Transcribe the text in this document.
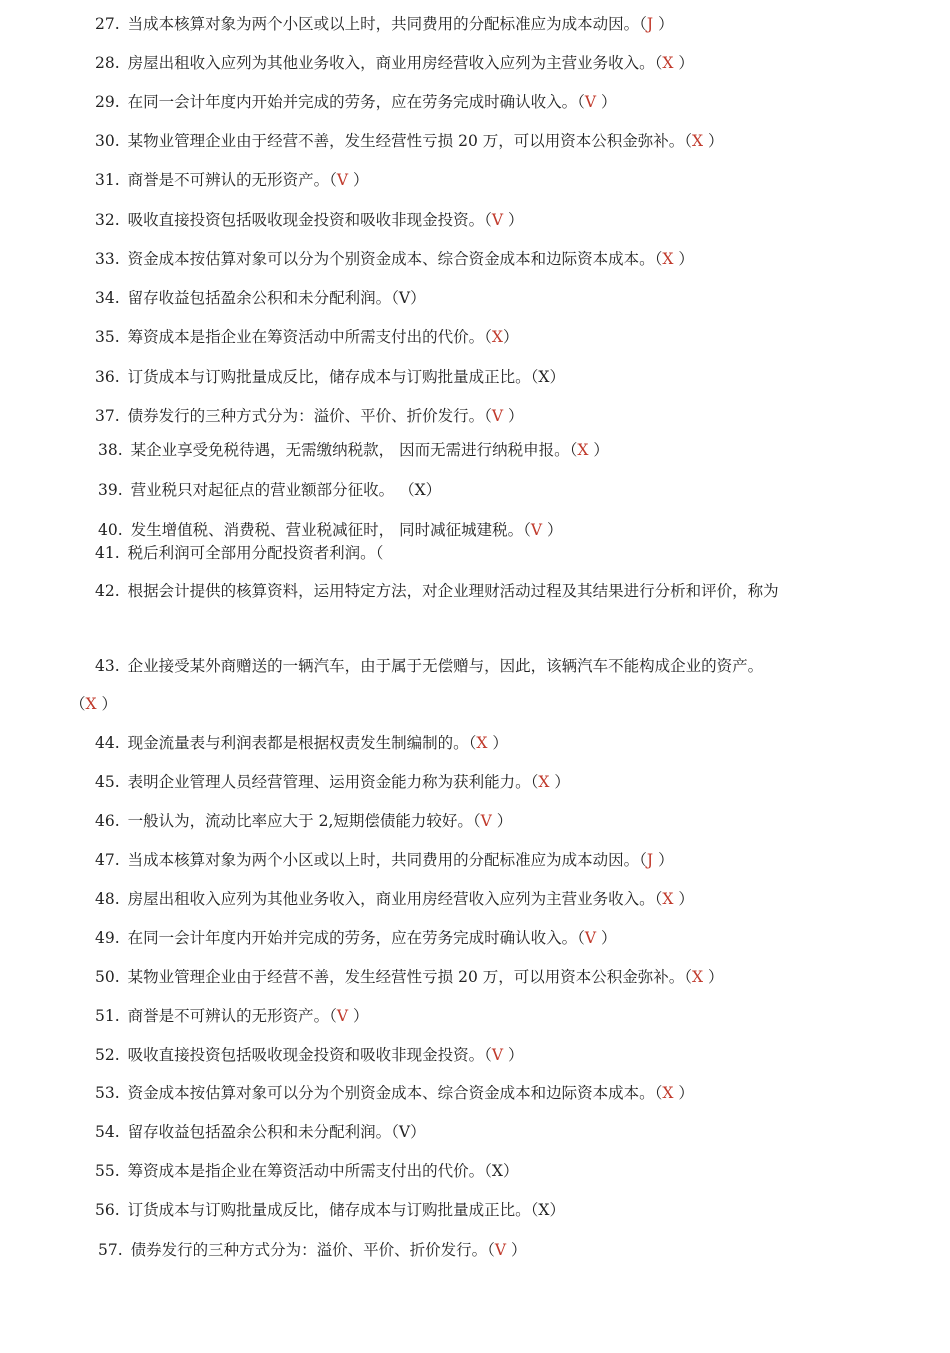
27. 当成本核算对象为两个小区或以上时，共同费用的分配标准应为成本动因。（J ）
28. 房屋出租收入应列为其他业务收入，商业用房经营收入应列为主营业务收入。（X ）
29. 在同一会计年度内开始并完成的劳务，应在劳务完成时确认收入。（V ）
30. 某物业管理企业由于经营不善，发生经营性亏损 20 万，可以用资本公积金弥补。（X ）
31. 商誉是不可辨认的无形资产。（V ）
32. 吸收直接投资包括吸收现金投资和吸收非现金投资。（V ）
33. 资金成本按估算对象可以分为个别资金成本、综合资金成本和边际资本成本。（X ）
34. 留存收益包括盈余公积和未分配利润。（V）
35. 筹资成本是指企业在筹资活动中所需支付出的代价。（X）
36. 订货成本与订购批量成反比，储存成本与订购批量成正比。（X）
37. 债券发行的三种方式分为：溢价、平价、折价发行。（V ）
38. 某企业享受免税待遇，无需缴纳税款， 因而无需进行纳税申报。（X ）
39. 营业税只对起征点的营业额部分征收。 （X）
40. 发生增值税、消费税、营业税减征时， 同时减征城建税。（V ）
41. 税后利润可全部用分配投资者利润。（
42. 根据会计提供的核算资料，运用特定方法，对企业理财活动过程及其结果进行分析和评价，称为
43. 企业接受某外商赠送的一辆汽车，由于属于无偿赠与，因此，该辆汽车不能构成企业的资产。
（X ）
44. 现金流量表与利润表都是根据权责发生制编制的。（X ）
45. 表明企业管理人员经营管理、运用资金能力称为获利能力。（X ）
46. 一般认为，流动比率应大于 2,短期偿债能力较好。（V ）
47. 当成本核算对象为两个小区或以上时，共同费用的分配标准应为成本动因。（J ）
48. 房屋出租收入应列为其他业务收入，商业用房经营收入应列为主营业务收入。（X ）
49. 在同一会计年度内开始并完成的劳务，应在劳务完成时确认收入。（V ）
50. 某物业管理企业由于经营不善，发生经营性亏损 20 万，可以用资本公积金弥补。（X ）
51. 商誉是不可辨认的无形资产。（V ）
52. 吸收直接投资包括吸收现金投资和吸收非现金投资。（V ）
53. 资金成本按估算对象可以分为个别资金成本、综合资金成本和边际资本成本。（X ）
54. 留存收益包括盈余公积和未分配利润。（V）
55. 筹资成本是指企业在筹资活动中所需支付出的代价。（X）
56. 订货成本与订购批量成反比，储存成本与订购批量成正比。（X）
57. 债券发行的三种方式分为：溢价、平价、折价发行。（V ）
